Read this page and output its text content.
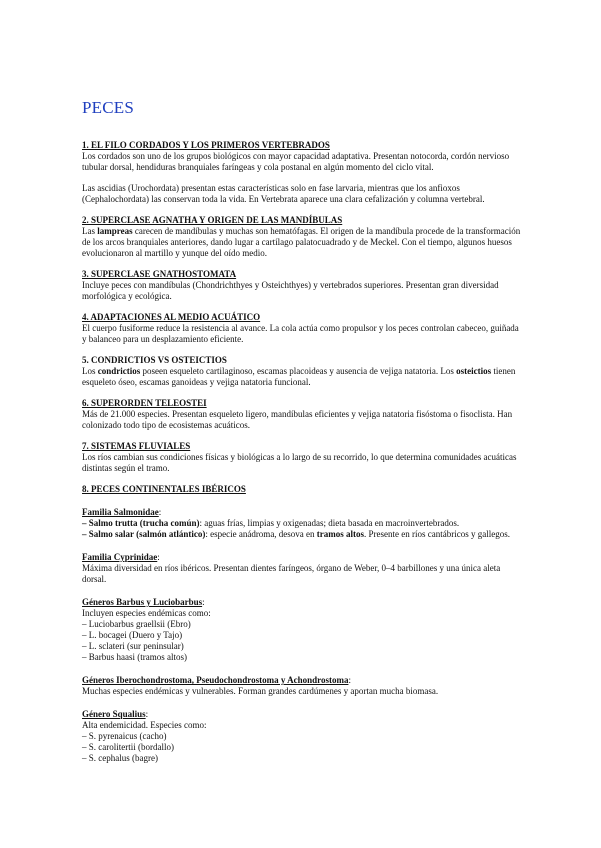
PECES
1. EL FILO CORDADOS Y LOS PRIMEROS VERTEBRADOS

Los cordados son uno de los grupos biológicos con mayor capacidad adaptativa. Presentan notocorda, cordón nervioso tubular dorsal, hendiduras branquiales faríngeas y cola postanal en algún momento del ciclo vital.

Las ascidias (Urochordata) presentan estas características solo en fase larvaria, mientras que los anfioxos (Cephalochordata) las conservan toda la vida. En Vertebrata aparece una clara cefalización y columna vertebral.

2. SUPERCLASE AGNATHA Y ORIGEN DE LAS MANDÍBULAS

Las lampreas carecen de mandíbulas y muchas son hematófagas. El origen de la mandíbula procede de la transformación de los arcos branquiales anteriores, dando lugar a cartílago palatocuadrado y de Meckel. Con el tiempo, algunos huesos evolucionaron al martillo y yunque del oído medio.

3. SUPERCLASE GNATHOSTOMATA

Incluye peces con mandíbulas (Chondrichthyes y Osteichthyes) y vertebrados superiores. Presentan gran diversidad morfológica y ecológica.

4. ADAPTACIONES AL MEDIO ACUÁTICO

El cuerpo fusiforme reduce la resistencia al avance. La cola actúa como propulsor y los peces controlan cabeceo, guiñada y balanceo para un desplazamiento eficiente.

5. CONDRICTIOS VS OSTEICTIOS

Los condrictios poseen esqueleto cartilaginoso, escamas placoideas y ausencia de vejiga natatoria. Los osteictios tienen esqueleto óseo, escamas ganoideas y vejiga natatoria funcional.

6. SUPERORDEN TELEOSTEI

Más de 21.000 especies. Presentan esqueleto ligero, mandíbulas eficientes y vejiga natatoria fisóstoma o fisoclista. Han colonizado todo tipo de ecosistemas acuáticos.

7. SISTEMAS FLUVIALES

Los ríos cambian sus condiciones físicas y biológicas a lo largo de su recorrido, lo que determina comunidades acuáticas distintas según el tramo.

8. PECES CONTINENTALES IBÉRICOS
Familia Salmonidae:
– Salmo trutta (trucha común): aguas frías, limpias y oxigenadas; dieta basada en macroinvertebrados.
– Salmo salar (salmón atlántico): especie anádroma, desova en tramos altos. Presente en ríos cantábricos y gallegos.
Familia Cyprinidae:
Máxima diversidad en ríos ibéricos. Presentan dientes faríngeos, órgano de Weber, 0–4 barbillones y una única aleta dorsal.
Géneros Barbus y Luciobarbus:
Incluyen especies endémicas como:
– Luciobarbus graellsii (Ebro)
– L. bocagei (Duero y Tajo)
– L. sclateri (sur peninsular)
– Barbus haasi (tramos altos)
Géneros Iberochondrostoma, Pseudochondrostoma y Achondrostoma:
Muchas especies endémicas y vulnerables. Forman grandes cardúmenes y aportan mucha biomasa.
Género Squalius:
Alta endemicidad. Especies como:
– S. pyrenaicus (cacho)
– S. carolitertii (bordallo)
– S. cephalus (bagre)
